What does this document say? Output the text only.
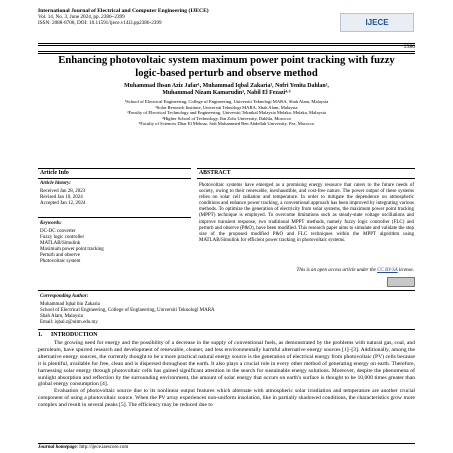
International Journal of Electrical and Computer Engineering (IJECE)
Vol. 14, No. 3, June 2024, pp. 2386~2399
ISSN: 2088-8708, DOI: 10.11591/ijece.v14i3.pp2386-2399	IJECE
2386
Enhancing photovoltaic system maximum power point tracking with fuzzy logic-based perturb and observe method
Muhammad Ihsan Aziz Jafar¹, Muhammad Iqbal Zakaria¹, Nofri Yenita Dahlan²,
Muhammad Nizam Kamarudin³, Nabil El Fezazi⁴·⁵
¹School of Electrical Engineering, College of Engineering, Universiti Teknologi MARA, Shah Alam, Malaysia
²Solar Research Institute, Universiti Teknologi MARA, Shah Alam, Malaysia
³Faculty of Electrical Technology and Engineering, Universiti Teknikal Malaysia Melaka, Melaka, Malaysia
⁴Higher School of Technology, Ibn Zohr University, Dakhla, Morocco
⁵Faculty of Sciences Dhar El Mehraz, Sidi Mohammed Ben Abdellah University, Fez, Morocco
Article Info
Article history:
Received Jan 28, 2023
Revised Jan 10, 2024
Accepted Jan 12, 2024
Keywords:
DC-DC converter
Fuzzy logic controller
MATLAB/Simulink
Maximum power point tracking
Perturb and observe
Photovoltaic system
ABSTRACT
Photovoltaic systems have emerged as a promising energy resource that caters to the future needs of society, owing to their renewable, inexhaustible, and cost-free nature. The power output of these systems relies on solar cell radiation and temperature. In order to mitigate the dependence on atmospheric conditions and enhance power tracking, a conventional approach has been improved by integrating various methods. To optimize the generation of electricity from solar systems, the maximum power point tracking (MPPT) technique is employed. To overcome limitations such as steady-state voltage oscillations and improve transient response, two traditional MPPT methods, namely fuzzy logic controller (FLC) and perturb and observe (P&O), have been modified. This research paper aims to simulate and validate the step size of the proposed modified P&O and FLC techniques within the MPPT algorithm using MATLAB/Simulink for efficient power tracking in photovoltaic systems.
This is an open access article under the CC BY-SA license.
Corresponding Author:
Muhammad Iqbal bin Zakaria
School of Electrical Engineering, College of Engineering, Universiti Teknologi MARA
Shah Alam, Malaysia
Email: iqbal.z@uitm.edu.my
1.      INTRODUCTION

The growing need for energy and the possibility of a decrease in the supply of conventional fuels, as demonstrated by the problems with natural gas, coal, and petroleum, have spurred research and development of renewable, cleaner, and less environmentally harmful alternative energy sources [1]–[3]. Additionally, among the alternative energy sources, the currently thought to be a more practical natural energy source is the generation of electrical energy from photovoltaic (PV) cells because it is plentiful, available for free, clean and is dispersed throughout the earth. It also plays a crucial role in every other method of generating energy on earth. Therefore, harnessing solar energy through photovoltaic cells has gained significant attention in the search for sustainable energy solutions. Moreover, despite the phenomena of sunlight absorption and reflection by the surrounding environment, the amount of solar energy that occurs on earth's surface is thought to be 10,000 times greater than global energy consumption [4].

Evaluation of photovoltaic source due to its nonlinear output features which alternate with atmospheric solar irradiation and temperature are another crucial component of using a photovoltaic source. When the PV array experiences non-uniform insolation, like in partially shadowed conditions, the characteristics grow more complex and result in several peaks [5]. The efficiency may be reduced due to

Journal homepage: http://ijece.iaescore.com
